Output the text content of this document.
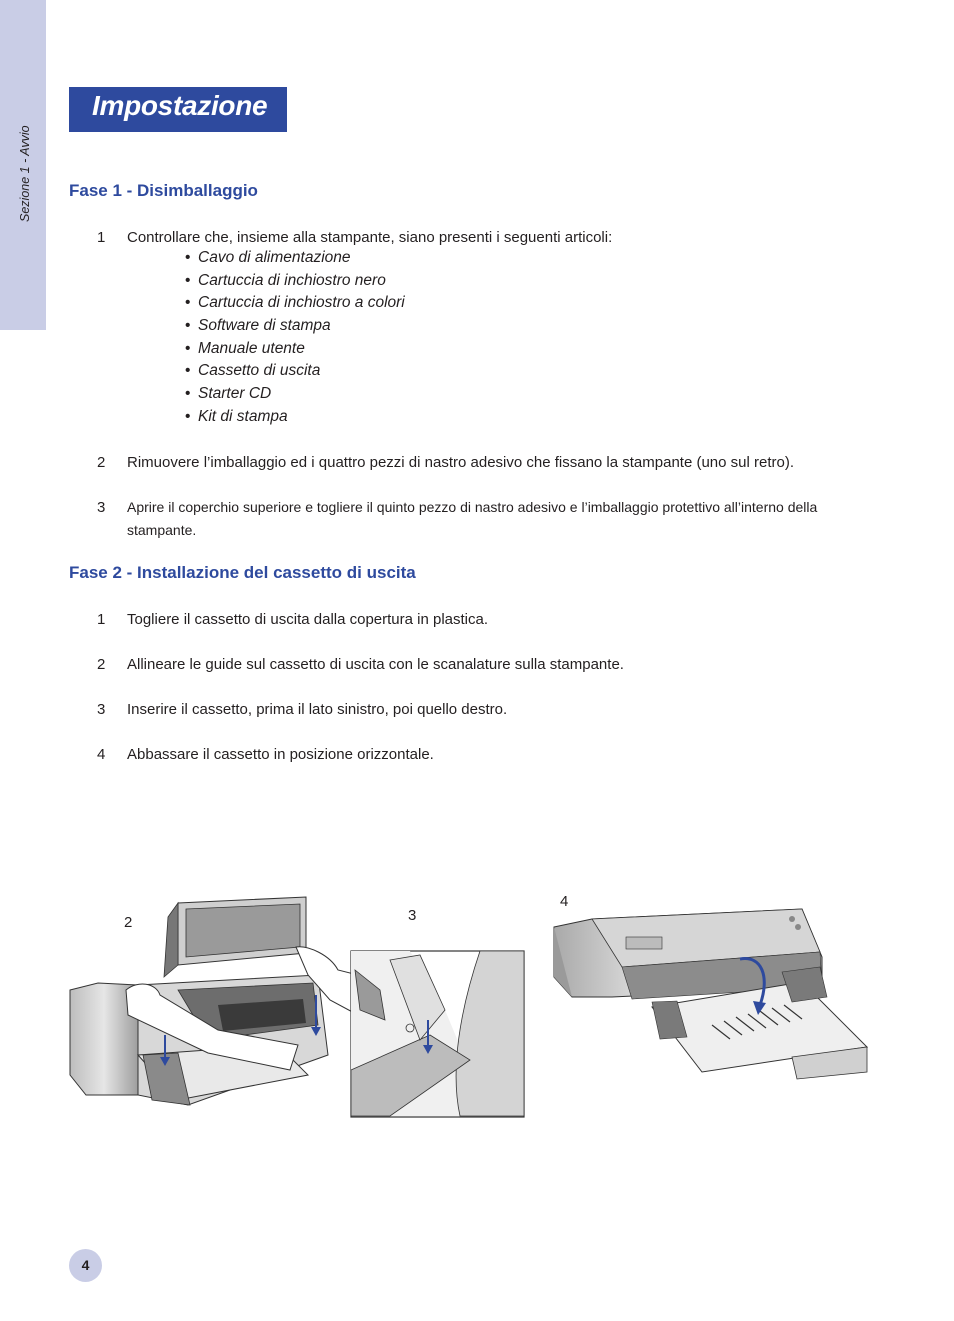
Sezione 1 - Avvio
Impostazione
Fase 1 - Disimballaggio
1 Controllare che, insieme alla stampante, siano presenti i seguenti articoli:
• Cavo di alimentazione
• Cartuccia di inchiostro nero
• Cartuccia di inchiostro a colori
• Software di stampa
• Manuale utente
• Cassetto di uscita
• Starter CD
• Kit di stampa
2 Rimuovere l’imballaggio ed i quattro pezzi di nastro adesivo che fissano la stampante (uno sul retro).
3 Aprire il coperchio superiore e togliere il quinto pezzo di nastro adesivo e l’imballaggio protettivo all’interno della stampante.
Fase 2 - Installazione del cassetto di uscita
1 Togliere il cassetto di uscita dalla copertura in plastica.
2 Allineare le guide sul cassetto di uscita con le scanalature sulla stampante.
3 Inserire il cassetto, prima il lato sinistro, poi quello destro.
4 Abbassare il cassetto in posizione orizzontale.
2	3
4
4
